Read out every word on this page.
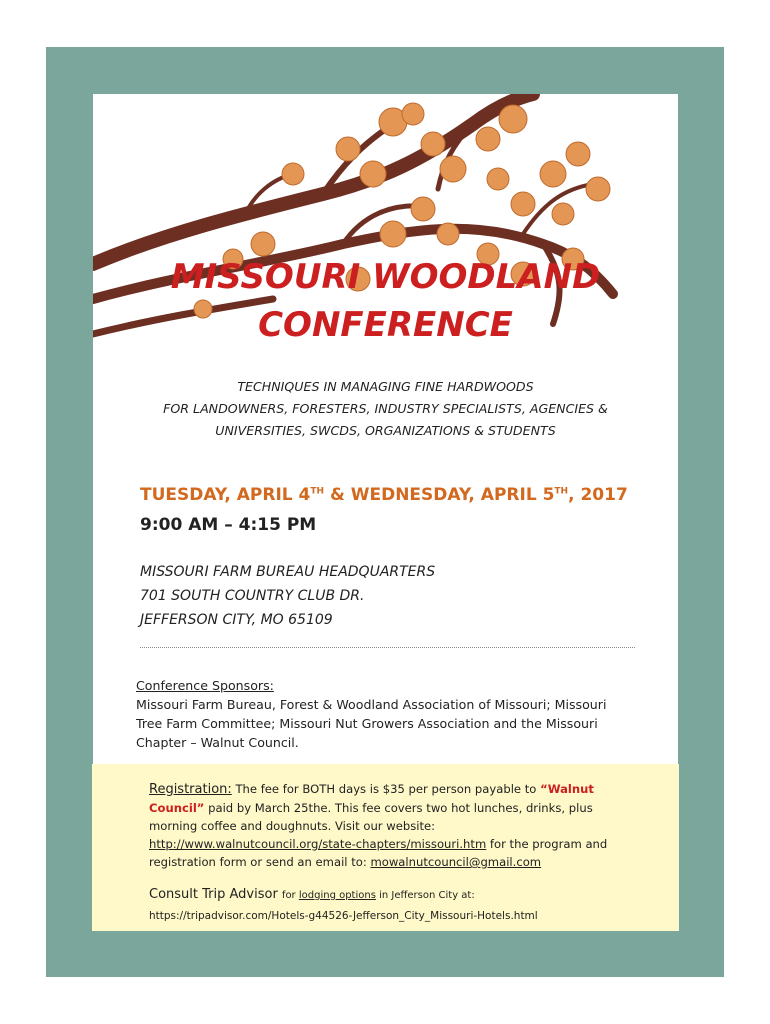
MISSOURI WOODLAND
CONFERENCE
TECHNIQUES IN MANAGING FINE HARDWOODS
FOR LANDOWNERS, FORESTERS, INDUSTRY SPECIALISTS, AGENCIES &
UNIVERSITIES, SWCDS, ORGANIZATIONS & STUDENTS
TUESDAY, APRIL 4TH & WEDNESDAY, APRIL 5TH, 2017
9:00 AM – 4:15 PM
MISSOURI FARM BUREAU HEADQUARTERS
701 SOUTH COUNTRY CLUB DR.
JEFFERSON CITY, MO 65109
Conference Sponsors:
Missouri Farm Bureau, Forest & Woodland Association of Missouri; Missouri Tree Farm Committee; Missouri Nut Growers Association and the Missouri Chapter – Walnut Council.
Registration: The fee for BOTH days is $35 per person payable to “Walnut Council” paid by March 25the. This fee covers two hot lunches, drinks, plus morning coffee and doughnuts. Visit our website: http://www.walnutcouncil.org/state-chapters/missouri.htm for the program and registration form or send an email to: mowalnutcouncil@gmail.com
Consult Trip Advisor for lodging options in Jefferson City at:
https://tripadvisor.com/Hotels-g44526-Jefferson_City_Missouri-Hotels.html
